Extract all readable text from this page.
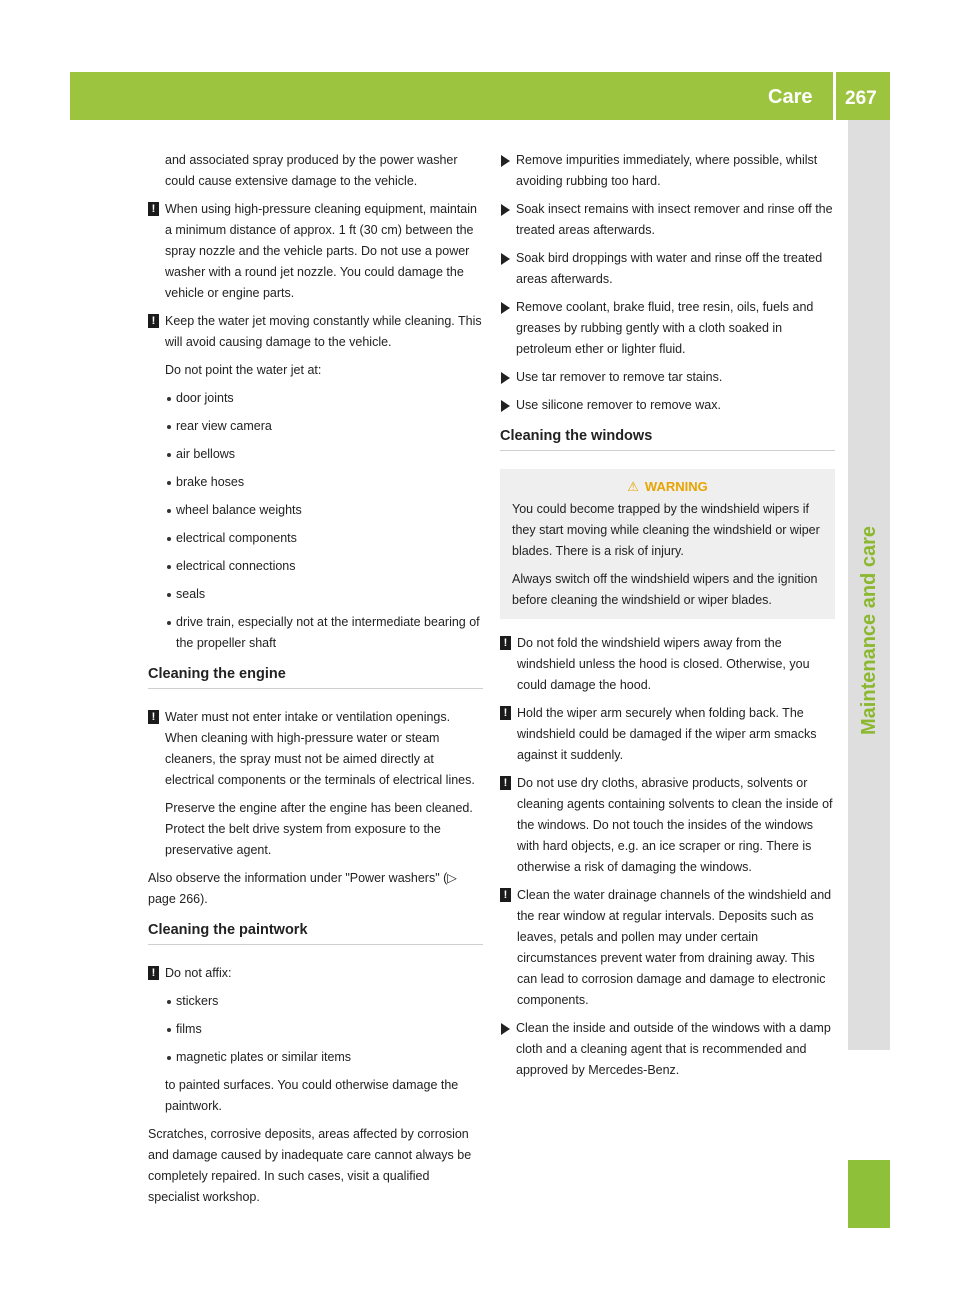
Care 267
Maintenance and care

and associated spray produced by the power washer could cause extensive damage to the vehicle.

! When using high-pressure cleaning equipment, maintain a minimum distance of approx. 1 ft (30 cm) between the spray nozzle and the vehicle parts. Do not use a power washer with a round jet nozzle. You could damage the vehicle or engine parts.

! Keep the water jet moving constantly while cleaning. This will avoid causing damage to the vehicle.

Do not point the water jet at:

door joints
rear view camera
air bellows
brake hoses
wheel balance weights
electrical components
electrical connections
seals
drive train, especially not at the intermediate bearing of the propeller shaft
Cleaning the engine
! Water must not enter intake or ventilation openings. When cleaning with high-pressure water or steam cleaners, the spray must not be aimed directly at electrical components or the terminals of electrical lines.

Preserve the engine after the engine has been cleaned. Protect the belt drive system from exposure to the preservative agent.

Also observe the information under "Power washers" (▷ page 266).

Cleaning the paintwork
! Do not affix:

stickers
films
magnetic plates or similar items

to painted surfaces. You could otherwise damage the paintwork.

Scratches, corrosive deposits, areas affected by corrosion and damage caused by inadequate care cannot always be completely repaired. In such cases, visit a qualified specialist workshop.

Remove impurities immediately, where possible, whilst avoiding rubbing too hard.
Soak insect remains with insect remover and rinse off the treated areas afterwards.
Soak bird droppings with water and rinse off the treated areas afterwards.
Remove coolant, brake fluid, tree resin, oils, fuels and greases by rubbing gently with a cloth soaked in petroleum ether or lighter fluid.
Use tar remover to remove tar stains.
Use silicone remover to remove wax.
Cleaning the windows
⚠ WARNING

You could become trapped by the windshield wipers if they start moving while cleaning the windshield or wiper blades. There is a risk of injury.

Always switch off the windshield wipers and the ignition before cleaning the windshield or wiper blades.

! Do not fold the windshield wipers away from the windshield unless the hood is closed. Otherwise, you could damage the hood.

! Hold the wiper arm securely when folding back. The windshield could be damaged if the wiper arm smacks against it suddenly.

! Do not use dry cloths, abrasive products, solvents or cleaning agents containing solvents to clean the inside of the windows. Do not touch the insides of the windows with hard objects, e.g. an ice scraper or ring. There is otherwise a risk of damaging the windows.

! Clean the water drainage channels of the windshield and the rear window at regular intervals. Deposits such as leaves, petals and pollen may under certain circumstances prevent water from draining away. This can lead to corrosion damage and damage to electronic components.

Clean the inside and outside of the windows with a damp cloth and a cleaning agent that is recommended and approved by Mercedes-Benz.
